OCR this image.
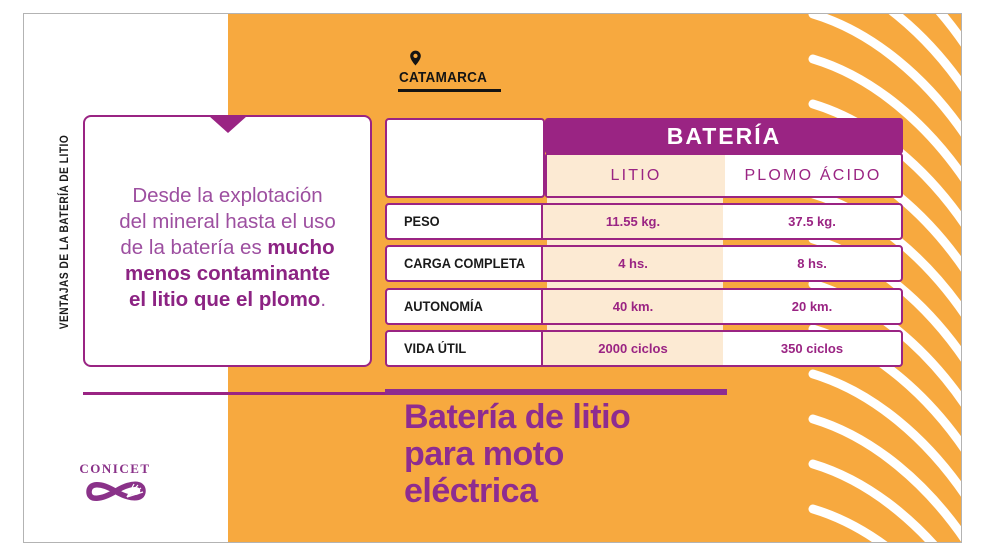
VENTAJAS DE LA BATERÍA DE LITIO	Desde la explotación
del mineral hasta el uso
de la batería es mucho
menos contaminante
el litio que el plomo.
CONICET
CATAMARCA
BATERÍA
LITIO	PLOMO ÁCIDO
PESO	11.55 kg.	37.5 kg.
CARGA COMPLETA	4 hs.	8 hs.
AUTONOMÍA	40 km.	20 km.
VIDA ÚTIL	2000 ciclos	350 ciclos
Batería de litio
para moto
eléctrica
